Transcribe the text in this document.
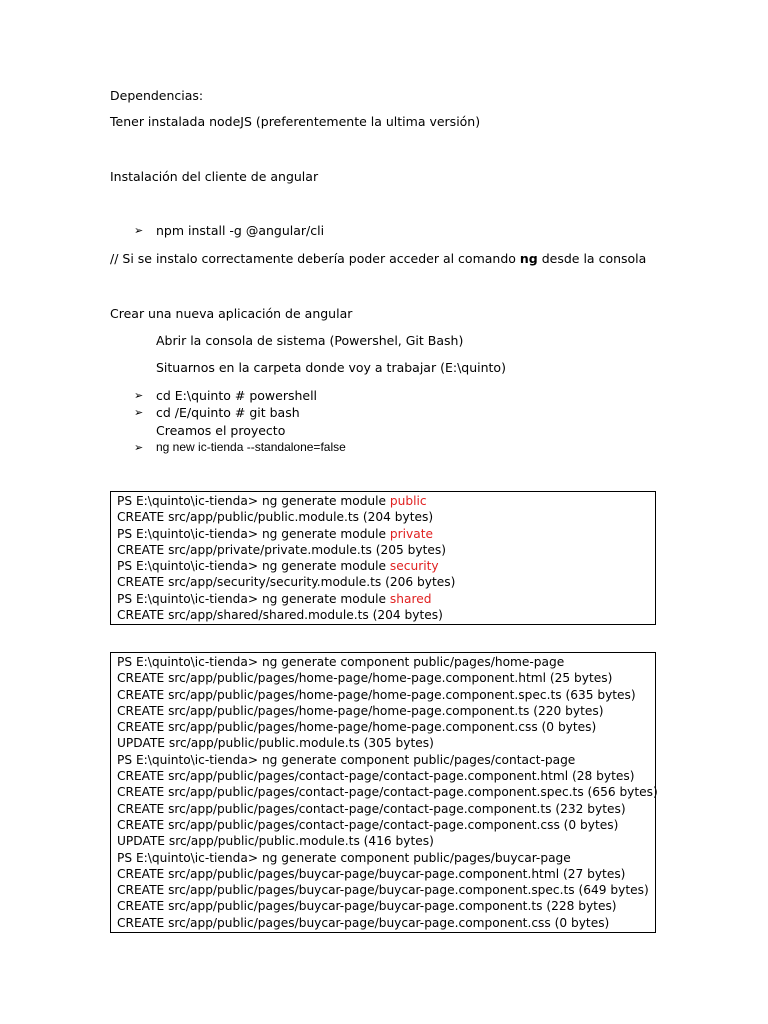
Dependencias:
Tener instalada nodeJS (preferentemente la ultima versión)
Instalación del cliente de angular
➢ npm install -g @angular/cli
// Si se instalo correctamente debería poder acceder al comando ng desde la consola
Crear una nueva aplicación de angular
Abrir la consola de sistema (Powershel, Git Bash)
Situarnos en la carpeta donde voy a trabajar (E:\quinto)
➢ cd E:\quinto # powershell
➢ cd /E/quinto # git bash
Creamos el proyecto
➢ ng new ic-tienda --standalone=false
PS E:\quinto\ic-tienda> ng generate module public
CREATE src/app/public/public.module.ts (204 bytes)
PS E:\quinto\ic-tienda> ng generate module private
CREATE src/app/private/private.module.ts (205 bytes)
PS E:\quinto\ic-tienda> ng generate module security
CREATE src/app/security/security.module.ts (206 bytes)
PS E:\quinto\ic-tienda> ng generate module shared
CREATE src/app/shared/shared.module.ts (204 bytes)
PS E:\quinto\ic-tienda> ng generate component public/pages/home-page
CREATE src/app/public/pages/home-page/home-page.component.html (25 bytes)
CREATE src/app/public/pages/home-page/home-page.component.spec.ts (635 bytes)
CREATE src/app/public/pages/home-page/home-page.component.ts (220 bytes)
CREATE src/app/public/pages/home-page/home-page.component.css (0 bytes)
UPDATE src/app/public/public.module.ts (305 bytes)
PS E:\quinto\ic-tienda> ng generate component public/pages/contact-page
CREATE src/app/public/pages/contact-page/contact-page.component.html (28 bytes)
CREATE src/app/public/pages/contact-page/contact-page.component.spec.ts (656 bytes)
CREATE src/app/public/pages/contact-page/contact-page.component.ts (232 bytes)
CREATE src/app/public/pages/contact-page/contact-page.component.css (0 bytes)
UPDATE src/app/public/public.module.ts (416 bytes)
PS E:\quinto\ic-tienda> ng generate component public/pages/buycar-page
CREATE src/app/public/pages/buycar-page/buycar-page.component.html (27 bytes)
CREATE src/app/public/pages/buycar-page/buycar-page.component.spec.ts (649 bytes)
CREATE src/app/public/pages/buycar-page/buycar-page.component.ts (228 bytes)
CREATE src/app/public/pages/buycar-page/buycar-page.component.css (0 bytes)
